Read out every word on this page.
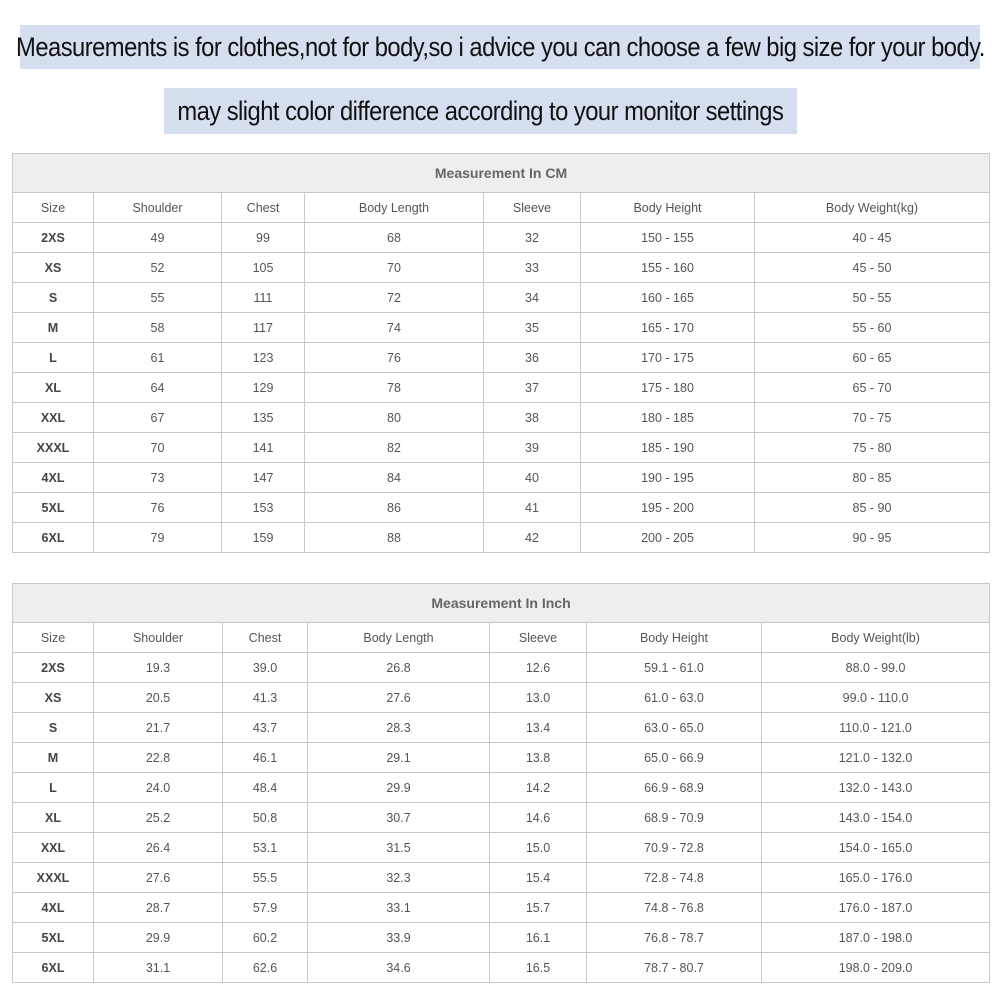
Measurements is for clothes,not for body,so i advice you can choose a few big size for your body.
may slight color difference according to your monitor settings
Measurement In CM						
Size	Shoulder	Chest	Body Length	Sleeve	Body Height	Body Weight(kg)
2XS	49	99	68	32	150 - 155	40 - 45
XS	52	105	70	33	155 - 160	45 - 50
S	55	111	72	34	160 - 165	50 - 55
M	58	117	74	35	165 - 170	55 - 60
L	61	123	76	36	170 - 175	60 - 65
XL	64	129	78	37	175 - 180	65 - 70
XXL	67	135	80	38	180 - 185	70 - 75
XXXL	70	141	82	39	185 - 190	75 - 80
4XL	73	147	84	40	190 - 195	80 - 85
5XL	76	153	86	41	195 - 200	85 - 90
6XL	79	159	88	42	200 - 205	90 - 95
Measurement In Inch						
Size	Shoulder	Chest	Body Length	Sleeve	Body Height	Body Weight(lb)
2XS	19.3	39.0	26.8	12.6	59.1 - 61.0	88.0 - 99.0
XS	20.5	41.3	27.6	13.0	61.0 - 63.0	99.0 - 110.0
S	21.7	43.7	28.3	13.4	63.0 - 65.0	110.0 - 121.0
M	22.8	46.1	29.1	13.8	65.0 - 66.9	121.0 - 132.0
L	24.0	48.4	29.9	14.2	66.9 - 68.9	132.0 - 143.0
XL	25.2	50.8	30.7	14.6	68.9 - 70.9	143.0 - 154.0
XXL	26.4	53.1	31.5	15.0	70.9 - 72.8	154.0 - 165.0
XXXL	27.6	55.5	32.3	15.4	72.8 - 74.8	165.0 - 176.0
4XL	28.7	57.9	33.1	15.7	74.8 - 76.8	176.0 - 187.0
5XL	29.9	60.2	33.9	16.1	76.8 - 78.7	187.0 - 198.0
6XL	31.1	62.6	34.6	16.5	78.7 - 80.7	198.0 - 209.0
